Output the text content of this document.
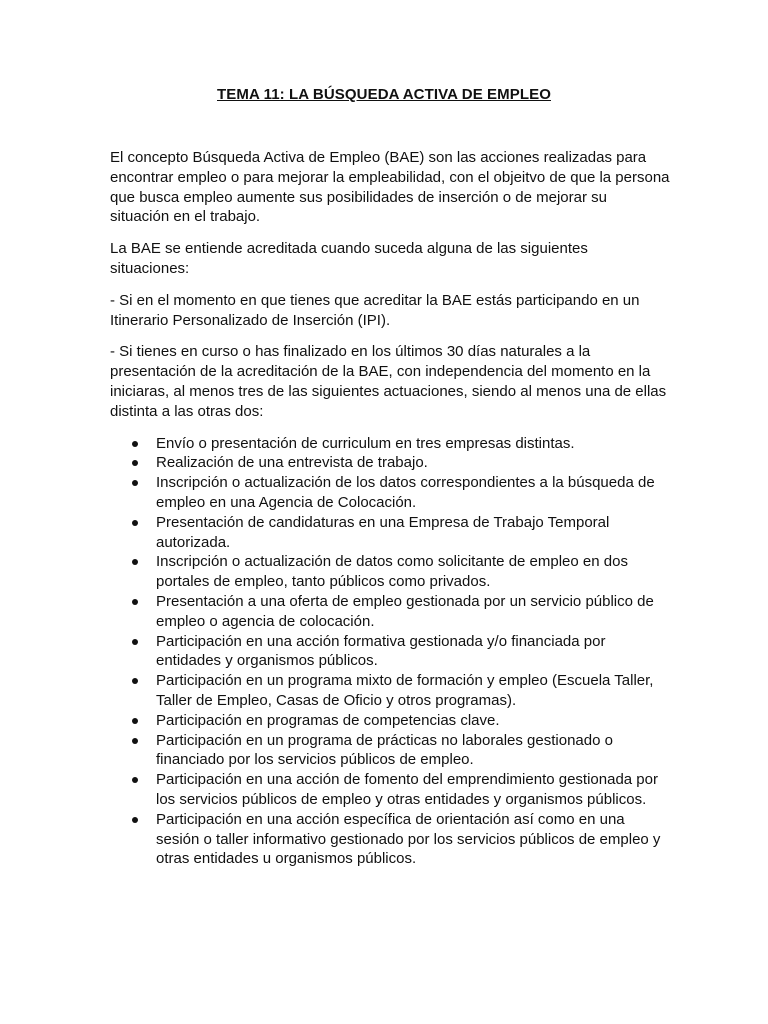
TEMA 11: LA BÚSQUEDA ACTIVA DE EMPLEO

El concepto Búsqueda Activa de Empleo (BAE) son las acciones realizadas para encontrar empleo o para mejorar la empleabilidad, con el objeitvo de que la persona que busca empleo aumente sus posibilidades de inserción o de mejorar su situación en el trabajo.

La BAE se entiende acreditada cuando suceda alguna de las siguientes situaciones:

- Si en el momento en que tienes que acreditar la BAE estás participando en un Itinerario Personalizado de Inserción (IPI).

- Si tienes en curso o has finalizado en los últimos 30 días naturales a la presentación de la acreditación de la BAE, con independencia del momento en la iniciaras, al menos tres de las siguientes actuaciones, siendo al menos una de ellas distinta a las otras dos:

Envío o presentación de curriculum en tres empresas distintas.
Realización de una entrevista de trabajo.
Inscripción o actualización de los datos correspondientes a la búsqueda de empleo en una Agencia de Colocación.
Presentación de candidaturas en una Empresa de Trabajo Temporal autorizada.
Inscripción o actualización de datos como solicitante de empleo en dos portales de empleo, tanto públicos como privados.
Presentación a una oferta de empleo gestionada por un servicio público de empleo o agencia de colocación.
Participación en una acción formativa gestionada y/o financiada por entidades y organismos públicos.
Participación en un programa mixto de formación y empleo (Escuela Taller, Taller de Empleo, Casas de Oficio y otros programas).
Participación en programas de competencias clave.
Participación en un programa de prácticas no laborales gestionado o financiado por los servicios públicos de empleo.
Participación en una acción de fomento del emprendimiento gestionada por los servicios públicos de empleo y otras entidades y organismos públicos.
Participación en una acción específica de orientación así como en una sesión o taller informativo gestionado por los servicios públicos de empleo y otras entidades u organismos públicos.
